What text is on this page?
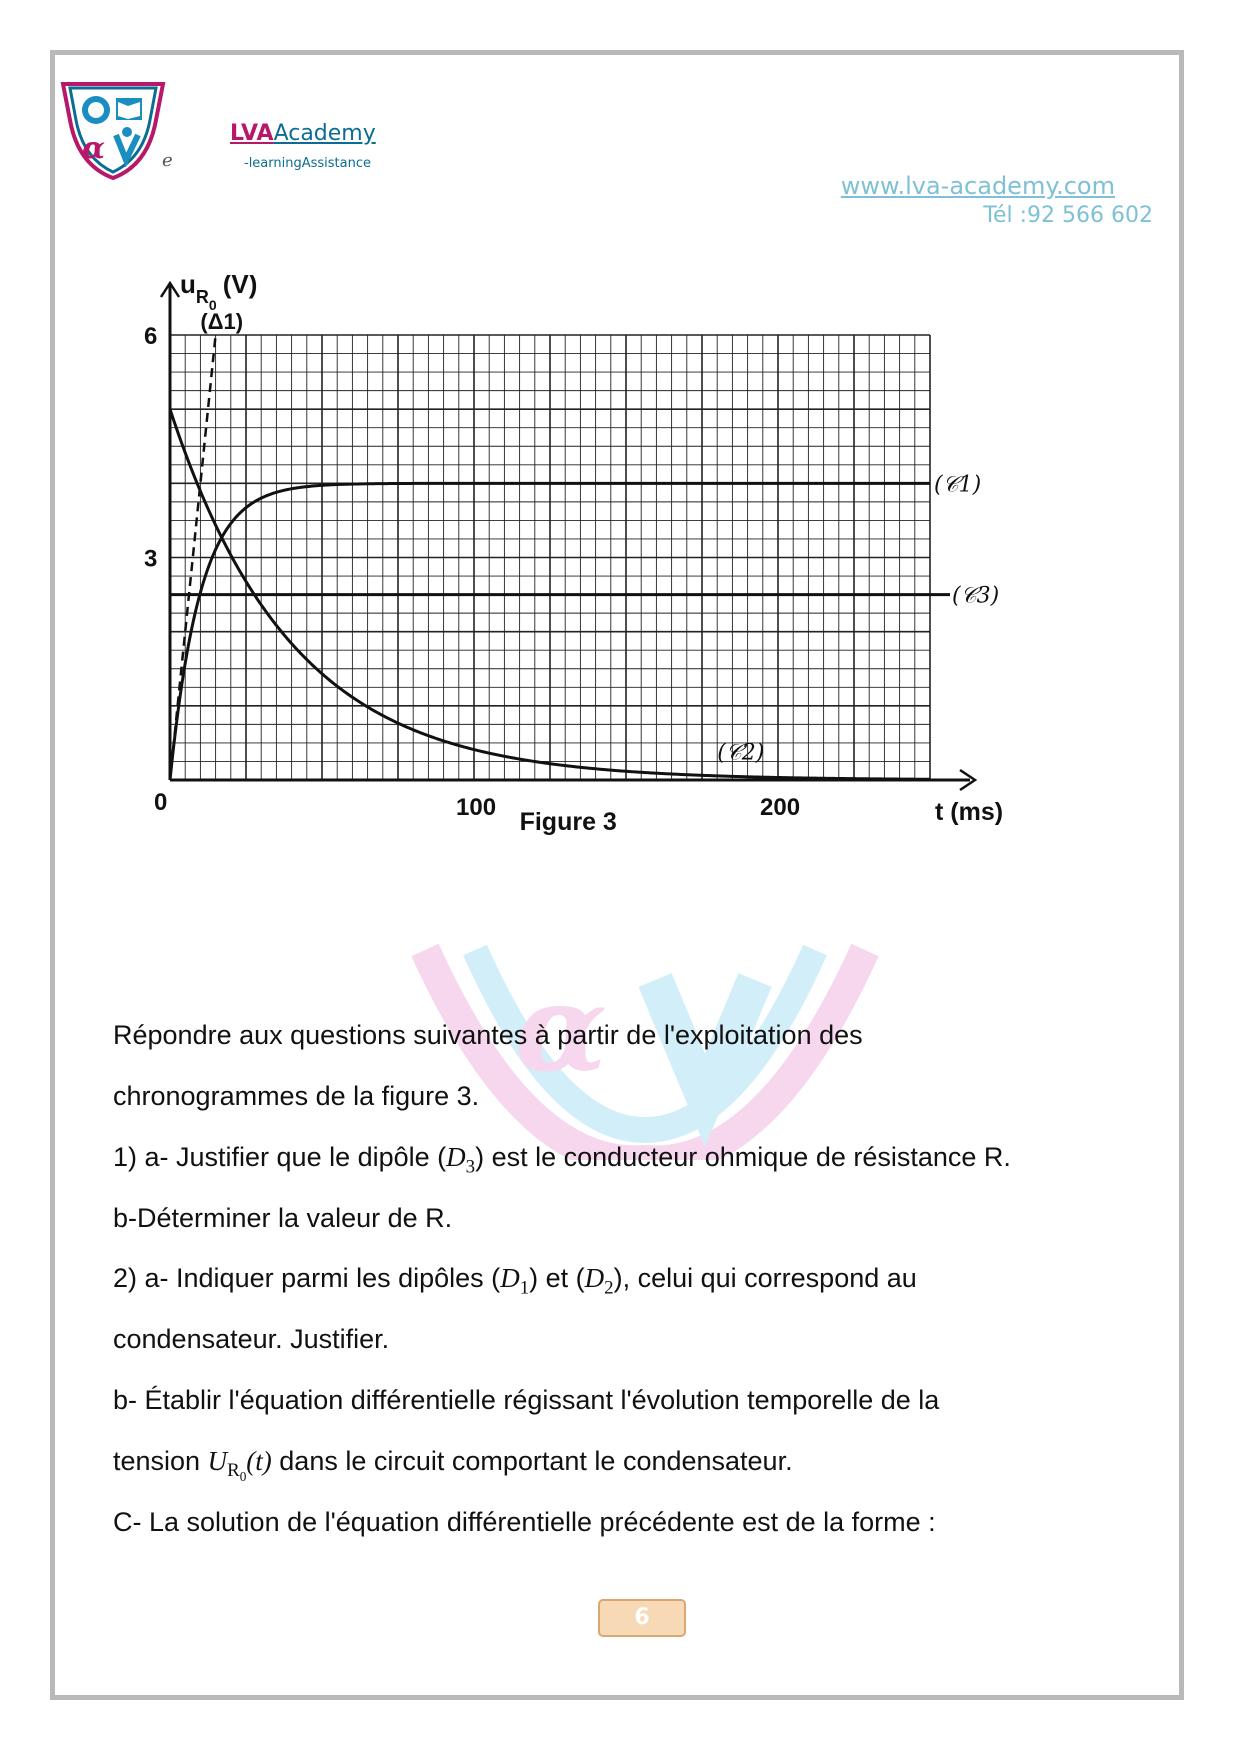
α	e
LVAAcademy
-learningAssistance
www.lva-academy.com
Tél :92 566 602
3
6
100	200
0
$u_{R0}(V)$
t (ms)
Figure 3
(𝒞1)
(𝒞2)
(𝒞3)
(Δ1)
α
Répondre aux questions suivantes à partir de l'exploitation des
chronogrammes de la figure 3.
1) a- Justifier que le dipôle $(D_3)$ est le conducteur ohmique de résistance R.
b-Déterminer la valeur de R.
2) a- Indiquer parmi les dipôles $(D_1)$ et $(D_2)$, celui qui correspond au
condensateur. Justifier.
b- Établir l'équation différentielle régissant l'évolution temporelle de la
tension $U_{R_0}(t)$ dans le circuit comportant le condensateur.
C- La solution de l'équation différentielle précédente est de la forme :
6
